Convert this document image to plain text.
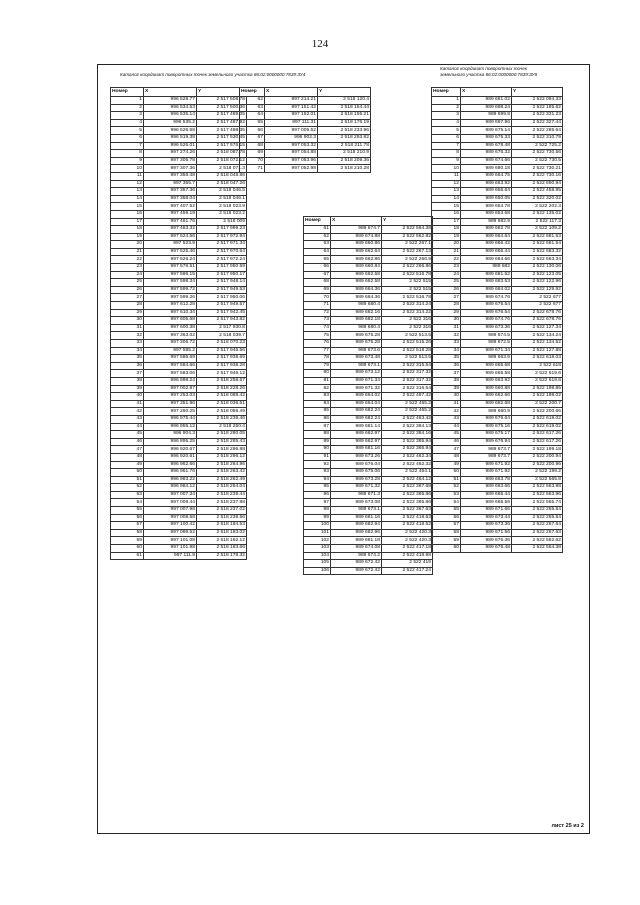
124
Каталог координат поворотных точек земельного участка 86:02:0000000:7839:ЗУ4
Каталог координат поворотных точек
земельного участка 86:02:0000000:7839:ЗУ8
Номер	X	Y
1	996 528.77	2 517 508.78
2	996 534.53	2 517 500.36
3	996 535.14	2 517 489.05
4	996 535.2	2 517 487.92
5	996 526.58	2 517 488.35
6	996 519.38	2 517 530.45
7	996 526.01	2 517 576.15
8	997 274.26	2 518 087.78
9	997 305.78	2 518 072.12
10	997 307.36	2 518 071.3
11	997 356.48	2 518 048.86
12	997 355.7	2 518 047.26
13	997 357.36	2 518 046.5
14	997 358.04	2 518 046.1
15	997 407.52	2 518 023.9
16	997 459.19	2 518 023.2
17	997 461.76	2 518 009
18	997 463.32	2 517 999.23
19	997 524.56	2 517 972.94
20	997 523.9	2 517 971.34
21	997 525.46	2 517 970.64
22	997 526.24	2 517 972.24
23	997 576.51	2 517 950.59
24	997 596.15	2 517 950.17
25	997 598.34	2 517 948.14
26	997 599.72	2 517 949.53
27	997 599.26	2 517 950.06
28	997 612.28	2 517 949.57
29	997 610.34	2 517 942.45
30	997 605.68	2 517 943.82
31	997 600.38	2 517 930.8
32	997 363.02	2 518 039.7
33	997 306.72	2 518 070.23
34	997 585.2	2 517 946.56
35	997 586.69	2 517 938.69
36	997 584.66	2 517 938.28
37	997 583.06	2 517 946.12
38	996 898.24	2 518 258.67
39	997 002.87	2 518 228.26
40	997 253.03	2 518 088.42
41	997 351.96	2 518 036.51
42	997 260.25	2 518 086.49
43	996 975.44	2 518 239.46
44	996 955.12	2 518 250.4
45	996 904.3	2 518 280.05
46	996 895.25	2 518 285.43
47	996 920.67	2 518 296.88
48	996 920.61	2 518 296.12
49	996 962.66	2 518 264.96
50	996 961.76	2 518 263.42
51	996 983.22	2 518 262.49
52	996 984.12	2 518 264.04
53	997 007.34	2 518 239.44
54	997 008.44	2 518 237.88
55	997 007.98	2 518 237.02
56	997 008.58	2 518 238.56
57	997 100.42	2 518 184.53
58	997 099.52	2 518 183.02
59	997 101.08	2 518 182.12
60	997 101.98	2 518 183.66
61	997 111.9	2 518 178.32
Номер	X	Y
62	997 214.21	2 518 120.4
63	997 151.42	2 518 154.44
64	997 152.01	2 518 155.21
65	997 111.31	2 518 176.19
66	997 005.52	2 518 233.96
67	996 902.3	2 518 293.82
68	997 053.32	2 518 211.78
69	997 054.88	2 518 210.9
70	997 053.96	2 518 209.36
71	997 052.98	2 518 210.28
Номер	X	Y
61	989 674.7	2 522 564.38
62	989 674.88	2 522 562.82
63	989 660.86	2 522 267.1
64	989 662.64	2 522 267.13
65	989 662.86	2 522 266.9
66	989 660.84	2 522 266.86
67	989 662.58	2 522 516.78
68	989 662.58	2 522 515
69	989 664.36	2 522 515
70	989 664.36	2 522 516.78
71	989 680.4	2 522 314.24
72	989 682.16	2 522 314.22
73	989 682.18	2 522 316
74	989 680.4	2 522 316
75	989 675.28	2 522 513.5
76	989 675.28	2 522 515.26
77	989 673.6	2 522 518.28
78	989 673.48	2 522 513.5
79	989 673.1	2 522 315.54
80	989 673.12	2 522 317.32
81	989 671.34	2 522 317.32
82	989 671.32	2 522 316.54
83	989 664.02	2 522 467.42
84	989 664.04	2 522 465.2
85	989 682.24	2 522 465.2
86	989 682.24	2 522 463.42
87	989 681.14	2 522 384.13
88	989 662.97	2 522 384.16
89	989 662.97	2 522 385.94
90	989 681.16	2 522 365.94
91	989 673.26	2 522 462.34
92	989 676.04	2 522 462.32
93	989 675.06	2 522 464.1
94	989 673.28	2 522 464.12
95	989 671.32	2 522 367.68
96	989 671.3	2 522 365.86
97	989 673.08	2 522 365.86
98	989 673.1	2 522 367.63
99	989 681.16	2 522 418.53
100	989 682.94	2 522 418.52
101	989 682.96	2 522 420.3
102	989 681.18	2 522 420.3
103	989 674.08	2 522 417.18
104	989 674.2	2 522 418.98
105	989 672.42	2 522 419
106	989 672.42	2 522 417.24
Номер	X	Y
1	989 681.02	2 522 094.33
2	989 698.24	2 522 185.62
3	989 699.8	2 522 331.23
4	989 697.96	2 522 327.44
5	989 675.14	2 522 285.64
6	989 675.33	2 522 310.79
7	989 678.48	2 522 725.2
8	989 676.32	2 522 730.56
9	989 674.66	2 522 730.5
10	989 680.18	2 522 730.21
11	989 664.75	2 522 730.16
12	989 663.92	2 522 690.94
13	989 656.64	2 522 458.95
14	989 650.05	2 522 320.02
15	989 654.78	2 522 202.3
16	989 653.68	2 522 135.02
17	989 682.9	2 522 117.3
18	989 682.78	2 522 109.2
19	989 664.64	2 522 681.53
20	989 666.42	2 522 681.54
21	989 666.44	2 522 683.32
22	989 664.66	2 522 663.34
23	989 682	2 522 130.06
24	989 681.52	2 522 123.05
25	989 683.53	2 522 122.96
26	989 684.02	2 522 129.92
27	989 674.76	2 522 677
28	989 676.54	2 522 677
29	989 676.54	2 522 678.76
30	989 674.76	2 522 678.76
31	989 673.36	2 522 127.34
32	989 674.5	2 522 134.24
33	989 672.5	2 522 134.52
34	989 671.34	2 522 127.88
35	989 663.9	2 522 618.03
36	989 665.68	2 522 618
37	989 665.58	2 522 619.6
38	989 663.92	2 522 619.8
39	989 660.88	2 522 198.85
40	989 662.66	2 522 198.02
41	989 682.68	2 522 200.7
42	989 660.9	2 522 200.66
43	989 676.64	2 522 619.02
44	989 675.16	2 522 619.02
45	989 675.17	2 522 617.26
46	989 676.94	2 522 617.26
47	989 673.7	2 522 199.18
48	989 673.7	2 522 200.94
49	989 671.92	2 522 200.96
50	989 671.92	2 522 199.2
51	989 663.78	2 522 565.8
52	989 663.66	2 522 563.98
53	989 665.44	2 522 563.96
54	989 665.56	2 522 565.74
55	989 671.66	2 522 265.84
56	989 673.44	2 522 265.84
57	989 673.36	2 522 267.64
58	989 671.56	2 522 267.63
59	989 676.36	2 522 562.62
60	989 676.48	2 522 564.38
лист 25 из 2
